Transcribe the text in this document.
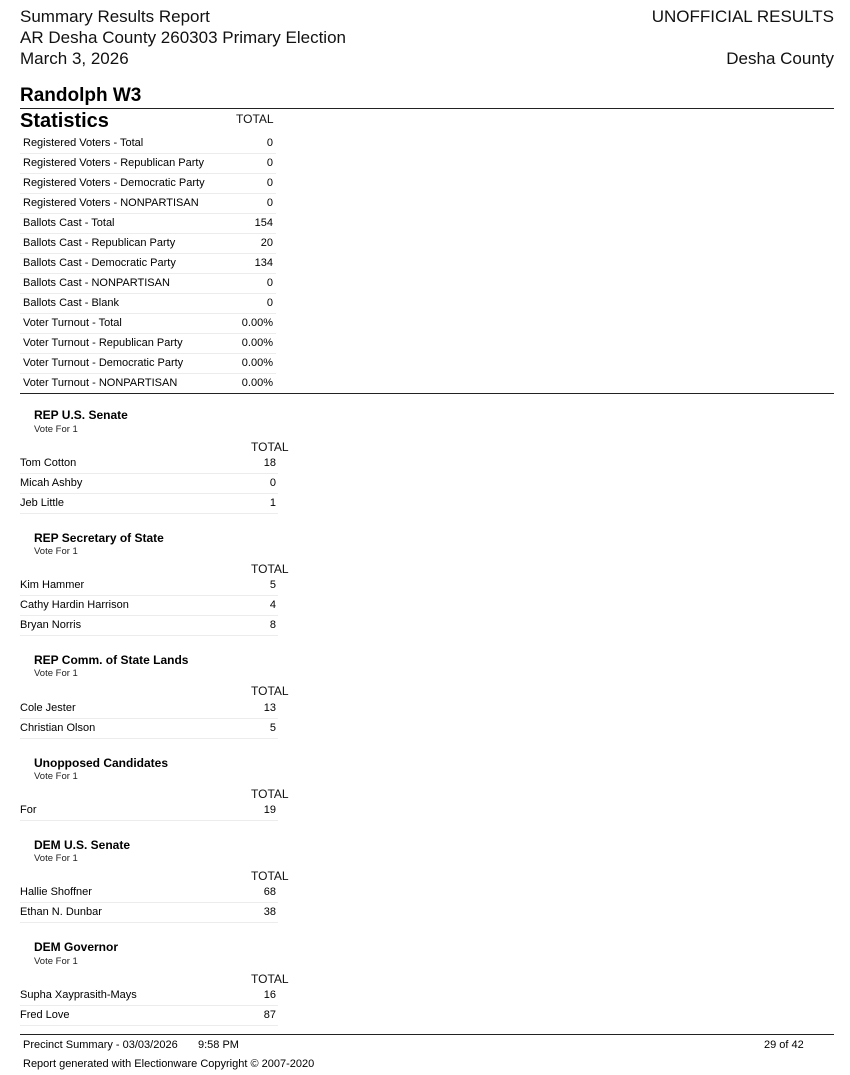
Summary Results Report
AR Desha County 260303 Primary Election
March 3, 2026
UNOFFICIAL RESULTS
Desha County
Randolph W3
Statistics	TOTAL
Registered Voters - Total	0
Registered Voters - Republican Party	0
Registered Voters - Democratic Party	0
Registered Voters - NONPARTISAN	0
Ballots Cast - Total	154
Ballots Cast - Republican Party	20
Ballots Cast - Democratic Party	134
Ballots Cast - NONPARTISAN	0
Ballots Cast - Blank	0
Voter Turnout - Total	0.00%
Voter Turnout - Republican Party	0.00%
Voter Turnout - Democratic Party	0.00%
Voter Turnout - NONPARTISAN	0.00%
REP U.S. Senate
Vote For 1
TOTAL
Tom Cotton	18
Micah Ashby	0
Jeb Little	1
REP Secretary of State
Vote For 1
TOTAL
Kim Hammer	5
Cathy Hardin Harrison	4
Bryan Norris	8
REP Comm. of State Lands
Vote For 1
TOTAL
Cole Jester	13
Christian Olson	5
Unopposed Candidates
Vote For 1
TOTAL
For	19
DEM U.S. Senate
Vote For 1
TOTAL
Hallie Shoffner	68
Ethan N. Dunbar	38
DEM Governor
Vote For 1
TOTAL
Supha Xayprasith-Mays	16
Fred Love	87
Precinct Summary - 03/03/2026 9:58 PM	29 of 42
Report generated with Electionware Copyright © 2007-2020
